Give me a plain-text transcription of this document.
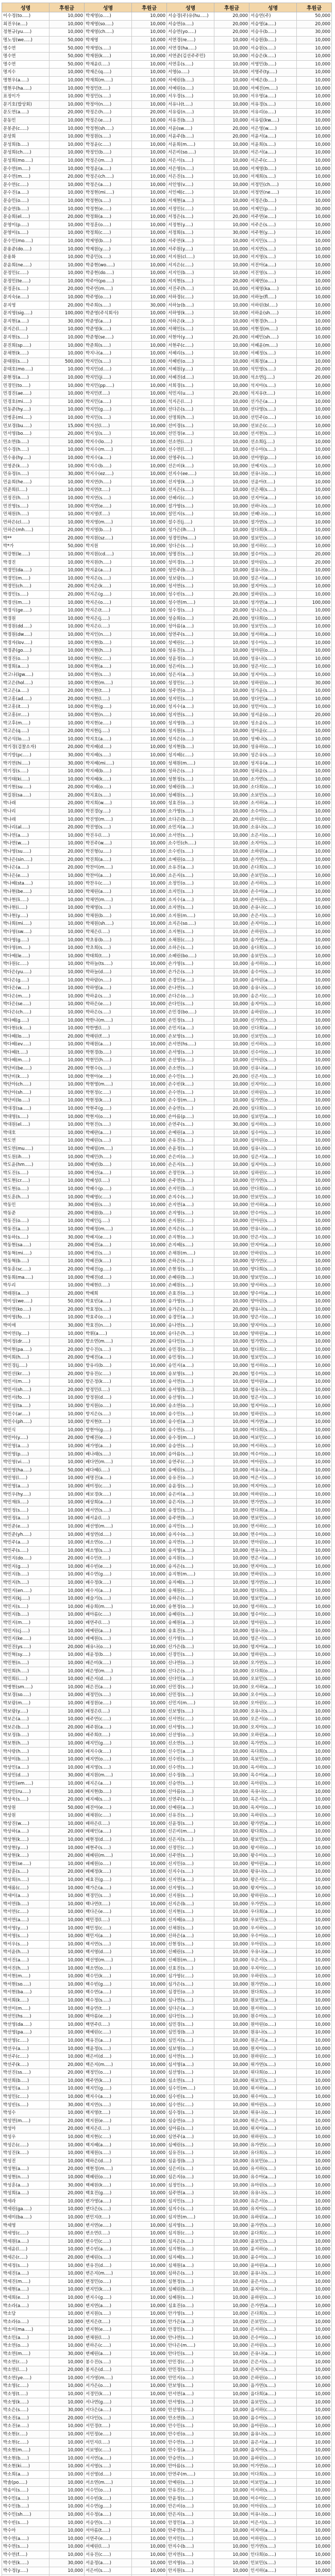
성명	후원금	성명	후원금	성명	후원금	성명	후원금
이수정(to.....)	10,000	박재영(o.....)	10,000	서승경(주)유(hu.....)	20,000	서승연(주)	50,000
최진우(e....)	10,000	박재영(so.....)	10,000	서승연(o.....)	20,000	서승영(a.....)	20,000
정현규(yu.....)	10,000	박재영(ch.....)	10,000	서승연(yo.....)	20,000	서승우(b.....)	30,000
명노성(we.....)	50,000	박재영	10,000	서연경(re.....)	10,000	서승원(b.....)	10,000
명수연	50,000	박재영(s.....)	10,000	서연경(ha.....)	10,000	서승원(s.....)	10,000
명수연	50,000	박재원(k.....)	10,000	서연준(김선주주민)	10,000	서승은(k.....)	10,000
명수연	50,000	박재윤(l.....)	10,000	서연홍(s.....)	10,000	서영민(b.....)	10,000
명지수	10,000	박재은(q.....)	10,000	서영(o.....)	10,000	서영주(ty.....)	10,000
명현우(a.....)	10,000	박재희(m.....)	10,000	서예린(b.....)	10,000	서예은(b.....)	10,000
명현우(ha.....)	10,000	박정민(t.....)	10,000	서예린(o.....)	10,000	서예진(m.....)	10,000
표정이가	10,000	박정민(s.....)	10,000	서우경(s.....)	10,000	서우영(a.....)	10,000
문기호(밥상회)	10,000	박정아(n.....)	10,000	서유나(t.....)	10,000	서유경(s.....)	10,000
문도연(a.....)	20,000	박정은(h.....)	20,000	서유림(n.....)	10,000	서유리(o.....)	10,000
문동민	10,000	박정은(e.....)	10,000	서유진(b.....)	10,000	서유림(kw.....)	10,000
문봉준(c.....)	10,000	박정현(sh.....)	10,000	서윤(sw.....)	20,000	서은영(w.....)	10,000
문상희	10,000	박정원(s.....)	10,000	서윤주(b.....)	20,000	서윤서(a.....)	10,000
문성희(b.....)	10,000	박정윤(c.....)	10,000	서윤희(m.....)	10,000	서윤희(s.....)	10,000
문성희(ch.....)	10,000	박정인(b.....)	10,000	서은비(so.....)	10,000	서은서(a.....)	10,000
문성희(mo.....)	10,000	박정은(m.....)	10,000	서은서(s.....)	10,000	서은주(c.....)	10,000
문수연(m.....)	10,000	박정윤(a.....)	10,000	서은영(n.....)	10,000	서재영(b.....)	10,000
문수연(m.....)	20,000	박정은(ch.....)	10,000	서은진(s.....)	10,000	서재희(s.....)	10,000
문수연(c.....)	10,000	박정은(a.....)	10,000	서인영(v.....)	10,000	서정민(ch.....)	10,000
문수진(a.....)	10,000	박정현(mi.....)	10,000	서인혜(c.....)	10,000	서정연(ne.....)	10,000
문승민(o.....)	10,000	박정현(s.....)	10,000	서재현(a.....)	10,000	서정은(b.....)	10,000
문승연(b.....)	10,000	박정현(e.....)	10,000	서정민(c.....)	10,000	서제민(p.....)	30,000
문승희(el.....)	20,000	박정화(a.....)	10,000	서정은(s.....)	20,000	서주연(e.....)	10,000
문영미(p.....)	10,000	박정훈(o.....)	10,000	서정현(y.....)	10,000	서주은(s.....)	10,000
문영미(s.....)	10,000	박정희(c.....)	10,000	서정희(s.....)	30,000	서주현(y.....)	10,000
문수민(mo.....)	10,000	박제영(b.....)	10,000	서주연(k.....)	10,000	서지민(s.....)	10,000
문용준(do.....)	10,000	박제원(y.....)	10,000	서주원(y.....)	10,000	서지연(s.....)	10,000
문용화	10,000	박종민(s.....)	10,000	서지원(cl.....)	10,000	서지영(s.....)	10,000
문윤희(ne.....)	10,000	박종현(wo.....)	10,000	서지은(c.....)	10,000	서진아(a.....)	10,000
문정민(c.....)	10,000	박종현(do.....)	10,000	서지인(b.....)	10,000	서진영(s.....)	10,000
문정민(te.....)	10,000	박주아(po.....)	10,000	서지현(s.....)	20,000	서채연(o.....)	10,000
문정훈(s.....)	20,000	박주연(m.....)	10,000	서진주(h.....)	10,000	서채영(ka.....)	10,000
문지숙(e.....)	10,000	박주영(o.....)	10,000	서하경(c.....)	10,000	서하늘(fl.....)	10,000
문지영	20,000	박주희(s.....)	30,000	서하늘(b.....)	10,000	서하린(bl.....)	10,000
문지영(sig.....)	100,000	박준영(주식회사)	10,000	서하영(k.....)	10,000	서하윤(sh.....)	10,000
문지현(a.....)	30,000	박준영(a.....)	10,000	서하은(k.....)	10,000	서현경(h.....)	10,000
문지은(l.....)	10,000	박준영(k.....)	10,000	서해인(s.....)	10,000	서현정(m.....)	10,000
문지현(s.....)	10,000	박준형(se.....)	10,000	서현아(y.....)	20,000	서혜민(sh.....)	10,000
문진희(sp.....)	10,000	박준희(s.....)	10,000	서현주(c.....)	10,000	서혜윤(m.....)	10,000
문채현(k.....)	10,000	박지나(a.....)	10,000	서혜리(s.....)	10,000	서혜정(s.....)	10,000
문태원(s.....)	500,000	박지민(s.....)	10,000	서혜빈(o.....)	10,000	서희정(a.....)	10,000
문태호(mo.....)	10,000	박지민(d.....)	10,000	서혜원(y.....)	10,000	석민영(s.....)	20,000
문현정(a.....)	10,000	박지민(ji.....)	10,000	서혜진(d.....)	10,000	석소연(j.....)	20,000
민경민(to.....)	10,000	박지민(pp.....)	10,000	서희경(s.....)	10,000	석지아(s.....)	10,000
민경진(ae.....)	10,000	박지민(f.....)	10,000	석민지(u.....)	20,000	석지유(t.....)	10,000
민경호(mi.....)	10,000	박지민(a.....)	10,000	석지은(l.....)	10,000	선가은(a.....)	10,000
민동준(hy.....)	10,000	박지민(g.....)	10,000	선다은(s.....)	10,000	선다영(s.....)	10,000
민병훈(mi.....)	10,000	박지민(s.....)	10,000	선명희(h.....)	10,000	선민주(o.....)	10,000
민보경(bu.....)	15,000	박지선(l.....)	10,000	선미경(s.....)	10,000	선보은(c.....)	10,000
민서영(bo.....)	20,000	박지성(s.....)	10,000	선민정(e.....)	10,000	선서현(s.....)	10,000
민소연(b.....)	10,000	박지수(lo.....)	10,000	선소연(i.....)	10,000	선소희(j.....)	10,000
민수경(h.....)	10,000	박지수(m.....)	10,000	선수연(l.....)	10,000	선수아(s.....)	10,000
민수용(hy.....)	10,000	박지수(a.....)	10,000	선영주(s.....)	10,000	선아영(p.....)	10,000
민영준(k.....)	10,000	박지수(b.....)	10,000	선은비(k.....)	10,000	선예지(s.....)	10,000
민유정(n.....)	30,000	박지수(ez.....)	10,000	선지수(ee.....)	10,000	선유나(o.....)	10,000
민윤희(he.....)	10,000	박지연(h.....)	10,000	선지영(k.....)	10,000	선윤아(t.....)	10,000
민준희(l.....)	10,000	박지연(t.....)	10,000	선지은(s.....)	10,000	선은채(s.....)	10,000
민정진(h.....)	10,000	박지연(s.....)	10,000	선혜리(c.....)	10,000	선지아(a.....)	10,000
민진영(s.....)	10,000	박지연(e.....)	10,000	설가영(s.....)	10,000	선하나(s.....)	10,000
민채원(h.....)	10,000	박지영(f.....)	10,000	설민지(s.....)	10,000	선혜나(o.....)	10,000
민하은(cl.....)	10,000	박지영(m.....)	10,000	설수진(j.....)	10,000	설가연(s.....)	10,000
민하은(mh.....)	20,000	박지영(b.....)	10,000	성가은(lh.....)	10,000	설다희(k.....)	10,000
박**	20,000	박지원(sz.....)	10,000	성경민(hs.....)	10,000	설보민(s.....)	10,000
박*가	50,000	박지원	10,000	성다은(s.....)	10,000	설서하(c.....)	10,000
박강현(le.....)	10,000	박지원(cd.....)	10,000	성명진(s.....)	10,000	설수아(s.....)	20,000
박경진	10,000	박지원(h.....)	10,000	성미경(s.....)	10,000	설아린(s.....)	20,000
박경민(da.....)	10,000	박지윤(a.....)	10,000	성민주(b.....)	10,000	설유나(o.....)	10,000
박경민(m.....)	10,000	박지은(s.....)	10,000	성보람(s.....)	10,000	설은서(a.....)	10,000
박경민(ch.....)	20,000	박지은(k.....)	10,000	성서연(s.....)	10,000	설지아(s.....)	10,000
박경민(s.....)	20,000	박지은(g.....)	10,000	성수빈(s.....)	20,000	설하린(s.....)	10,000
박경선(m.....)	10,000	박지은(o.....)	10,000	성수연(m.....)	10,000	성가연(a.....)	100,000
박경식(ge.....)	10,000	박지은(t.....)	10,000	성수정(s.....)	20,000	성나은(s.....)	10,000
박경원	10,000	박지은(j.....)	10,000	성승희(o.....)	20,000	성다희(o.....)	10,000
박경원(dd.....)	10,000	박지은(i.....)	10,000	성아름(a.....)	10,000	성보민(s.....)	10,000
박경원(dw.....)	10,000	박지인(n.....)	10,000	성연주(s.....)	10,000	성서하(a.....)	10,000
박경자(lov.....)	10,000	박지현(b.....)	10,000	성예린(c.....)	10,000	성수아(s.....)	10,000
박경준(go.....)	10,000	박지현(h.....)	10,000	성유진(s.....)	10,000	성아린(o.....)	10,000
박경진(o.....)	10,000	박지현(c.....)	10,000	성윤정(o.....)	10,000	성유나(s.....)	10,000
박경희(a.....)	10,000	박지현(a.....)	10,000	성은비(s.....)	10,000	성은서(c.....)	10,000
박고나(lgw.....)	10,000	박지현(s.....)	10,000	성은지(a.....)	10,000	성지아(s.....)	10,000
박고은(hol.....)	10,000	박지현(m.....)	10,000	성정민(c.....)	10,000	성하린(o.....)	30,000
박고은(a.....)	20,000	박지현(t.....)	10,000	성주연(o.....)	10,000	성가윤(s.....)	10,000
박고흥(ad.....)	20,000	박지현(l.....)	10,000	성지민(s.....)	10,000	성다인(a.....)	10,000
박고흥(it.....)	10,000	박지현(g.....)	10,000	성지수(a.....)	10,000	성민아(s.....)	10,000
박고흥(rr.....)	10,000	박지현(n.....)	10,000	성지연(s.....)	10,000	성서윤(o.....)	20,000
박고후(m.....)	10,000	박지현(e.....)	10,000	성지영(b.....)	10,000	성소윤(s.....)	10,000
박고은(q.....)	20,000	박지현(j.....)	10,000	성지원(s.....)	10,000	성아윤(c.....)	10,000
박곤석(lo.....)	10,000	박지호(a.....)	10,000	성지은(o.....)	10,000	성예나(s.....)	10,000
박기경(검찰소자)	20,000	박지혜(d.....)	10,000	성지현(b.....)	10,000	성유하(o.....)	10,000
박기방(pc.....)	30,000	박지혜(s.....)	10,000	성지혜(c.....)	10,000	성은유(s.....)	10,000
박기연(hi.....)	30,000	박지혜(mi.....)	10,000	성채원(m.....)	10,000	성지유(a.....)	10,000
박기정(s.....)	10,000	박지혜(b.....)	10,000	성하은(s.....)	10,000	성하윤(s.....)	10,000
박기태(ki.....)	10,000	박지혜(k.....)	10,000	성현정(s.....)	10,000	소가연(s.....)	10,000
박기현(su.....)	20,000	박지혜(o.....)	10,000	성혜린(b.....)	10,000	소다희(o.....)	10,000
박길원(sa.....)	20,000	박지효(s.....)	10,000	성혜원(s.....)	10,000	소보민(s.....)	10,000
박나래	20,000	박지희(w.....)	10,000	성효진(o.....)	10,000	소서하(a.....)	10,000
박나리	10,000	박진경(y.....)	10,000	소가영(s.....)	10,000	소수아(s.....)	10,000
박나래	10,000	박진영(m.....)	10,000	소다은(b.....)	20,000	소아린(c.....)	10,000
박나리(al.....)	20,000	박진영(s.....)	10,000	소민지(a.....)	10,000	소유나(s.....)	10,000
박나연(a.....)	10,000	박진우(l.....)	10,000	소서연(s.....)	10,000	소은서(o.....)	10,000
박나연(w.....)	10,000	박진주(w.....)	10,000	소수민(ch.....)	10,000	소지아(s.....)	10,000
박나영(su.....)	20,000	박진형(u.....)	10,000	소수빈(s.....)	10,000	소하린(a.....)	10,000
박나은(sin.....)	20,000	박진희(a.....)	10,000	소예린(o.....)	10,000	손가연(s.....)	10,000
박나은(a.....)	20,000	박찬미(m.....)	10,000	소유진(a.....)	10,000	손다희(s.....)	10,000
박나은(e.....)	10,000	박찬미(a.....)	10,000	소은지(s.....)	10,000	손보민(o.....)	10,000
박나혜(sta.....)	10,000	박찬우(c.....)	10,000	소정민(o.....)	10,000	손서하(s.....)	10,000
박나현(be.....)	10,000	박채린(a.....)	10,000	소지민(s.....)	10,000	손수아(a.....)	10,000
박나현(li.....)	10,000	박채연(m.....)	10,000	소지수(a.....)	10,000	손아린(s.....)	10,000
박나현(i.....)	10,000	박채영(s.....)	10,000	소지연(s.....)	10,000	손유나(c.....)	10,000
박나현(y.....)	10,000	박채원(b.....)	10,000	소지원(m.....)	10,000	손은서(s.....)	10,000
박나희(mi.....)	10,000	박채원(sh.....)	10,000	소지은(so.....)	10,000	손지아(o.....)	10,000
박다영(sw.....)	10,000	박채은(l.....)	10,000	소지현(s.....)	10,000	손하린(s.....)	10,000
박다영(g.....)	10,000	박초롱(b.....)	10,000	소채원(c.....)	10,000	송가연(a.....)	10,000
박다영(m.....)	10,000	박초희(s.....)	10,000	소하은(s.....)	10,000	송다희(s.....)	10,000
박다예(le.....)	10,000	박태희(t.....)	10,000	소혜린(bo.....)	10,000	송보민(s.....)	10,000
박다원(c.....)	10,000	박하늘(ts.....)	10,000	손가영(s.....)	10,000	송서하(o.....)	10,000
박다은(yu.....)	10,000	박하늘(d.....)	10,000	손가은(s.....)	10,000	송수아(s.....)	10,000
박다은(g.....)	10,000	박하람(n.....)	10,000	손경민(e.....)	10,000	송아린(a.....)	10,000
박다은(w.....)	10,000	박하영(a.....)	10,000	손나연(s.....)	10,000	송유나(s.....)	10,000
박다은(m.....)	10,000	박하윤(s.....)	10,000	손다은(o.....)	10,000	송은서(c.....)	10,000
박다은(se.....)	10,000	박하은(e.....)	10,000	손다인(s.....)	10,000	송지아(s.....)	10,000
박다은(ch.....)	10,000	박하은(s.....)	10,000	손민경(bo.....)	10,000	송하린(o.....)	10,000
박다혜(g.....)	10,000	박한나(m.....)	10,000	손민정(s.....)	10,000	신가연(s.....)	10,000
박다현(ck.....)	10,000	박한별(l.....)	10,000	손민지(a.....)	10,000	신다희(a.....)	10,000
박다혜(lo.....)	20,000	박해린(f.....)	10,000	손보영(s.....)	10,000	신보민(s.....)	10,000
박다혜(ev.....)	10,000	박해원(a.....)	10,000	손서연(hs.....)	10,000	신서하(s.....)	10,000
박다혜(t.....)	10,000	박현경(b.....)	10,000	손서영(s.....)	10,000	신수아(o.....)	10,000
박다혜(m.....)	10,000	박현민(h.....)	10,000	손선영(o.....)	10,000	신아린(s.....)	10,000
박단비(be.....)	20,000	박현수(s.....)	10,000	손소연(s.....)	10,000	신유나(a.....)	10,000
박단비(k.....)	10,000	박현아(e.....)	10,000	손수민(s.....)	20,000	신은서(s.....)	10,000
박단아(ch.....)	10,000	박현영(m.....)	10,000	손수빈(k.....)	10,000	신지아(c.....)	10,000
박단아(sh.....)	10,000	박현정(c.....)	10,000	손수연(s.....)	10,000	신하린(s.....)	10,000
박단비(lo.....)	10,000	박현정(k.....)	10,000	손수정(m.....)	10,000	심가연(o.....)	10,000
박대경(sa.....)	10,000	박현주(g.....)	10,000	손승연(s.....)	20,000	심다희(s.....)	10,000
박대영(s.....)	10,000	박현지(o.....)	10,000	손아름(p.....)	10,000	심보민(a.....)	10,000
박대원(el.....)	10,000	박현진(s.....)	10,000	손연주(s.....)	30,000	심서하(s.....)	10,000
박대호	10,000	박혜란(a.....)	10,000	손예린(a.....)	10,000	심수아(s.....)	10,000
박도연	10,000	박혜린(s.....)	10,000	손유진(s.....)	10,000	심아린(o.....)	10,000
박도연(mu.....)	10,000	박혜림(m.....)	10,000	손윤정(s.....)	10,000	심유나(s.....)	10,000
박도원(ih.....)	10,000	박혜민(h.....)	10,000	손은비(o.....)	10,000	심은서(a.....)	10,000
박도윤(hm.....)	10,000	박혜빈(b.....)	10,000	손은지(s.....)	10,000	심지아(s.....)	10,000
박도진(s.....)	10,000	박혜선(a.....)	10,000	손정민(k.....)	10,000	심하린(c.....)	10,000
박도현(cr.....)	10,000	박혜성(l.....)	10,000	손주연(s.....)	10,000	안가연(s.....)	10,000
박도현(o.....)	10,000	박혜수(p.....)	10,000	손지민(b.....)	10,000	안다희(o.....)	10,000
박도훈(h.....)	10,000	박혜영(c.....)	10,000	손지수(s.....)	10,000	안보민(s.....)	10,000
박동민	30,000	박혜원(s.....)	10,000	손지연(a.....)	10,000	안서하(a.....)	10,000
박동준	20,000	박혜원(b.....)	10,000	손지영(s.....)	10,000	안수아(s.....)	10,000
박동진(o.....)	10,000	박혜인(j.....)	10,000	손지원(c.....)	10,000	안아린(s.....)	10,000
박동진(a.....)	10,000	박혜정(m.....)	10,000	손지은(s.....)	10,000	안유나(o.....)	10,000
박동하(s.....)	30,000	박혜지(e.....)	10,000	손지현(o.....)	10,000	안은서(s.....)	10,000
박동현(sa.....)	20,000	박혜진(a.....)	10,000	손지혜(s.....)	10,000	안지아(a.....)	10,000
박동혁(mi.....)	10,000	박혜진(s.....)	10,000	손채원(m.....)	10,000	안하린(s.....)	10,000
박동혁(b.....)	10,000	박혜진(k.....)	10,000	손하은(s.....)	10,000	양가연(c.....)	10,000
박동훈(sc.....)	20,000	박혜진(g.....)	10,000	손현정(s.....)	10,000	양다희(s.....)	10,000
박동희(ma.....)	10,000	박혜진(d.....)	10,000	손혜린(b.....)	10,000	양보민(o.....)	10,000
박두리	10,000	박혜현(l.....)	10,000	손혜원(s.....)	10,000	양서하(s.....)	10,000
박래원(a.....)	20,000	박혜희	10,000	손효진(o.....)	10,000	양수아(a.....)	10,000
박미성(we.....)	50,000	박효빈(a.....)	10,000	송가영(s.....)	10,000	양아린(s.....)	10,000
박미연(ko.....)	20,000	박효정(s.....)	10,000	송가은(s.....)	20,000	양유나(s.....)	10,000
박미영(fo.....)	10,000	박효주(o.....)	10,000	송경민(a.....)	10,000	양은서(o.....)	10,000
박미애	30,000	박효진(n.....)	10,000	송나연(s.....)	10,000	양지아(s.....)	10,000
박미연(ly.....)	10,000	박휘(a.....)	10,000	송다은(h.....)	10,000	양하린(a.....)	10,000
박미정(dr.....)	10,000	방소연(m.....)	20,000	송다인(s.....)	10,000	엄가연(s.....)	10,000
박미현(pa.....)	20,000	방수진(s.....)	10,000	송민경(o.....)	10,000	엄다희(c.....)	10,000
박미희(h.....)	20,000	방예진(a.....)	10,000	송민정(s.....)	10,000	엄보민(s.....)	10,000
박민경(j.....)	10,000	방유리(b.....)	10,000	송민지(a.....)	10,000	엄서하(o.....)	10,000
박민선(kr.....)	20,000	방유진(c.....)	10,000	송보영(s.....)	20,000	엄수아(s.....)	10,000
박민서(m.....)	10,000	방은정(k.....)	10,000	송서연(s.....)	10,000	엄아린(a.....)	10,000
박민서(sh.....)	20,000	방정민(l.....)	10,000	송서영(b.....)	10,000	엄유나(s.....)	10,000
박민서(fo.....)	10,000	방정원(d.....)	10,000	송선영(s.....)	10,000	엄은서(s.....)	10,000
박민성(ta.....)	10,000	방지원(o.....)	10,000	송소연(o.....)	10,000	엄지아(o.....)	10,000
박민수(ar.....)	10,000	방지은(s.....)	10,000	송수민(s.....)	10,000	엄하린(s.....)	10,000
박민수(ph.....)	10,000	방지현(t.....)	10,000	송수빈(a.....)	10,000	여가연(a.....)	10,000
박민식	10,000	방현아(g.....)	10,000	송수연(s.....)	10,000	여다희(s.....)	10,000
박민아(y.....)	20,000	방혜진(e.....)	10,000	송수정(m.....)	10,000	여보민(c.....)	10,000
박민영(a.....)	10,000	배가영(a.....)	10,000	송승연(s.....)	10,000	여서하(s.....)	10,000
박민영(p.....)	10,000	배나래(s.....)	10,000	송아름(s.....)	10,000	여수아(o.....)	10,000
박민영(vi.....)	10,000	배다연(m.....)	10,000	송연주(c.....)	10,000	여아린(s.....)	10,000
박민영(ha.....)	50,000	배다혜(i.....)	10,000	송예린(s.....)	10,000	여유나(a.....)	10,000
박민영(l.....)	10,000	배명진(a.....)	10,000	송유진(o.....)	10,000	여은서(s.....)	10,000
박민영(a.....)	10,000	배미정(c.....)	10,000	송윤정(s.....)	10,000	여지아(s.....)	10,000
박민우(hy.....)	10,000	배보경(k.....)	10,000	송은비(a.....)	10,000	여하린(o.....)	10,000
박민재(li.....)	10,000	배상희(a.....)	10,000	송은지(s.....)	10,000	연가연(s.....)	10,000
박민정(s.....)	10,000	배서연(s.....)	10,000	송정민(s.....)	10,000	연다희(a.....)	10,000
박민정(a.....)	10,000	배서윤(l.....)	10,000	송주연(b.....)	10,000	연보민(s.....)	10,000
박민준(e.....)	10,000	배선영(m.....)	10,000	송지민(s.....)	10,000	연서하(c.....)	10,000
박민준(yh.....)	10,000	배성연(d.....)	10,000	송지수(o.....)	10,000	연수아(s.....)	10,000
박민주(a.....)	10,000	배소연(o.....)	10,000	송지연(s.....)	10,000	연아린(o.....)	10,000
박민주(s.....)	10,000	배소영(s.....)	10,000	송지영(a.....)	10,000	연유나(s.....)	10,000
박민지(do.....)	20,000	배수민(t.....)	10,000	송지원(s.....)	10,000	연은서(a.....)	10,000
박민지(g.....)	10,000	배수빈(e.....)	10,000	송지은(s.....)	10,000	연지아(s.....)	10,000
박민지(b.....)	10,000	배수연(g.....)	10,000	송지현(m.....)	10,000	연하린(s.....)	10,000
박민지(h.....)	10,000	배수정(k.....)	10,000	송지혜(s.....)	10,000	염가연(o.....)	10,000
박민지(en.....)	10,000	배수지(a.....)	10,000	송채원(c.....)	10,000	염다희(s.....)	10,000
박민지(kj.....)	10,000	배슬기(s.....)	10,000	송하은(s.....)	10,000	염보민(a.....)	10,000
박민지(s.....)	10,000	배승희(m.....)	10,000	송현정(o.....)	10,000	염서하(s.....)	10,000
박민지(b.....)	10,000	배아름(c.....)	10,000	송혜린(s.....)	10,000	염수아(c.....)	10,000
박민지(m.....)	10,000	배연주(l.....)	10,000	송혜원(a.....)	10,000	염아린(s.....)	10,000
박민지(cj.....)	10,000	배예린(a.....)	10,000	송효진(s.....)	10,000	염유나(o.....)	10,000
박민지(ke.....)	10,000	배예원(s.....)	10,000	신가영(s.....)	10,000	염은서(s.....)	10,000
박민진(ys.....)	20,000	배유나(o.....)	10,000	신가은(b.....)	10,000	염지아(a.....)	10,000
박민혁(sy.....)	10,000	배윤정(b.....)	10,000	신경민(s.....)	10,000	염하린(s.....)	10,000
박민현(n.....)	10,000	배은비(k.....)	10,000	신나연(o.....)	10,000	오가연(s.....)	10,000
박민희(h.....)	10,000	배은영(m.....)	10,000	신다은(s.....)	10,000	오다희(o.....)	10,000
박민희(i.....)	10,000	배은지(d.....)	10,000	신다인(a.....)	10,000	오보민(s.....)	10,000
박병현(sm.....)	10,000	배은진(a.....)	10,000	신민경(s.....)	10,000	오서하(a.....)	10,000
박보경(so.....)	10,000	배정민(s.....)	10,000	신민정(s.....)	10,000	오수아(s.....)	10,000
박보람(m.....)	10,000	배정원(e.....)	10,000	신민지(m.....)	10,000	오아린(c.....)	10,000
박보람(y.....)	10,000	배정은(l.....)	10,000	신보영(s.....)	10,000	오유나(s.....)	10,000
박보은(a.....)	10,000	배주연(c.....)	10,000	신서연(c.....)	10,000	오은서(o.....)	10,000
박보은(b.....)	20,000	배주원(a.....)	10,000	신서영(s.....)	10,000	오지아(s.....)	10,000
박보정(b.....)	10,000	배주희(t.....)	10,000	신선영(o.....)	10,000	오하린(a.....)	10,000
박보현(h.....)	10,000	배지민(g.....)	10,000	신소연(s.....)	10,000	옥가연(s.....)	10,000
박사랑(h.....)	10,000	배지수(k.....)	10,000	신수민(a.....)	10,000	옥다희(s.....)	10,000
박상미(b.....)	10,000	배지연(o.....)	10,000	신수빈(s.....)	10,000	옥보민(o.....)	10,000
박상민(a.....)	10,000	배지영(s.....)	10,000	신수연(s.....)	10,000	옥서하(s.....)	10,000
박상민(d.....)	30,000	배지원(m.....)	10,000	신수정(b.....)	10,000	옥수아(a.....)	10,000
박상민(em.....)	10,000	배지은(a.....)	10,000	신승연(s.....)	10,000	옥아린(s.....)	10,000
박상민(ru.....)	10,000	배지현(b.....)	10,000	신아름(o.....)	10,000	옥유나(c.....)	10,000
박상욱(s.....)	20,000	배지혜(s.....)	10,000	신연주(s.....)	10,000	옥은서(s.....)	10,000
박상원	50,000	배진아(e.....)	10,000	신예린(a.....)	10,000	옥지아(o.....)	10,000
박상원	10,000	배채원(c.....)	10,000	신유진(s.....)	10,000	옥하린(s.....)	10,000
박상진(w.....)	10,000	배하은(l.....)	10,000	신윤정(s.....)	10,000	왕가연(a.....)	10,000
박상하(a.....)	20,000	배해인(a.....)	10,000	신은비(m.....)	10,000	왕다희(s.....)	10,000
박상현(k.....)	10,000	배현정(d.....)	10,000	신은지(s.....)	10,000	왕보민(s.....)	10,000
박상현(y.....)	10,000	배현주(s.....)	10,000	신정민(c.....)	10,000	왕서하(o.....)	10,000
박상현(k.....)	20,000	배혜린(m.....)	10,000	신주연(s.....)	10,000	왕수아(s.....)	10,000
박상현(se.....)	10,000	배혜원(o.....)	10,000	신지민(o.....)	10,000	왕아린(a.....)	10,000
박상훈(s.....)	20,000	배혜정(k.....)	10,000	신지수(s.....)	10,000	왕유나(s.....)	10,000
박상희(n.....)	10,000	배효진(g.....)	10,000	신지연(a.....)	10,000	왕은서(c.....)	10,000
박새롬(c.....)	10,000	백가은(a.....)	10,000	신지영(s.....)	10,000	왕지아(s.....)	10,000
박새미(a.....)	10,000	백경민(s.....)	10,000	신지원(s.....)	10,000	왕하린(o.....)	10,000
박서연(b.....)	10,000	백나연(t.....)	10,000	신지은(b.....)	10,000	우가연(s.....)	10,000
박서연(c.....)	10,000	백다은(e.....)	10,000	신지현(s.....)	10,000	우다희(a.....)	10,000
박서연(a.....)	10,000	백민경(l.....)	10,000	신지혜(o.....)	10,000	우보민(s.....)	10,000
박서영(y.....)	10,000	백민정(c.....)	10,000	신채원(s.....)	10,000	우서하(s.....)	10,000
박서영(s.....)	10,000	백민지(a.....)	10,000	신하은(a.....)	10,000	우수아(o.....)	10,000
박서우(s.....)	10,000	백서연(s.....)	10,000	신현정(s.....)	10,000	우아린(s.....)	10,000
박서윤(h.....)	10,000	백서영(d.....)	10,000	신혜린(s.....)	10,000	우유나(a.....)	10,000
박서진(a.....)	10,000	백선영(m.....)	10,000	신혜원(m.....)	10,000	우은서(s.....)	10,000
박서진(h.....)	10,000	백소연(o.....)	10,000	신효진(s.....)	10,000	우지아(c.....)	10,000
박서현(m.....)	10,000	백수민(k.....)	10,000	심가영(c.....)	10,000	우하린(s.....)	10,000
박서현(so.....)	10,000	백수빈(g.....)	10,000	심가은(s.....)	10,000	원가연(o.....)	10,000
박서현(ba.....)	10,000	백수연(a.....)	10,000	심경민(o.....)	10,000	원다희(s.....)	10,000
박서희(k.....)	10,000	백수정(s.....)	10,000	심나연(s.....)	10,000	원보민(a.....)	10,000
박선미(m.....)	10,000	백승연(t.....)	10,000	심다은(a.....)	10,000	원서하(s.....)	10,000
박선민(hs.....)	10,000	백아름(e.....)	10,000	심다인(s.....)	10,000	원수아(s.....)	10,000
박선영(da.....)	10,000	백연주(l.....)	10,000	심민경(s.....)	10,000	원아린(o.....)	10,000
박선영(pa.....)	10,000	백예린(c.....)	10,000	심민정(b.....)	10,000	원유나(s.....)	10,000
박선영(c.....)	10,000	백유진(a.....)	10,000	심민지(s.....)	10,000	원은서(a.....)	10,000
박선우(a.....)	10,000	백윤정(s.....)	10,000	심보영(o.....)	10,000	원지아(s.....)	10,000
박선주(c.....)	10,000	백은비(d.....)	10,000	심서연(s.....)	10,000	원하린(c.....)	10,000
박선주(k.....)	20,000	백은지(m.....)	10,000	심서영(a.....)	10,000	위가연(s.....)	10,000
박선진(ss.....)	20,000	백정민(o.....)	10,000	심선영(s.....)	10,000	위다희(o.....)	10,000
박선희(b.....)	10,000	백주연(k.....)	10,000	심소연(s.....)	10,000	위보민(s.....)	10,000
박성민(a.....)	10,000	백지민(g.....)	10,000	심수민(m.....)	10,000	위서하(a.....)	10,000
박성민(c.....)	10,000	백지수(a.....)	10,000	심수빈(s.....)	10,000	위수아(s.....)	10,000
박성빈(s.....)	30,000	백지연(s.....)	10,000	심수연(c.....)	10,000	위아린(s.....)	10,000
박성수	10,000	백지영(t.....)	10,000	심수정(s.....)	10,000	위유나(o.....)	10,000
박성연(m.....)	20,000	백지원(e.....)	10,000	심승연(o.....)	10,000	위은서(s.....)	10,000
박성아	20,000	백지은(l.....)	10,000	심아름(s.....)	10,000	위지아(a.....)	10,000
박성우	10,000	백지현(c.....)	10,000	심연주(a.....)	10,000	위하린(s.....)	10,000
박성은(c.....)	10,000	백지혜(a.....)	10,000	심예린(s.....)	10,000	유가연(c.....)	10,000
박성진(k.....)	10,000	백채원(s.....)	10,000	심유진(s.....)	10,000	유다희(s.....)	10,000
박성진	10,000	백하은(d.....)	10,000	심윤정(b.....)	10,000	유보민(o.....)	10,000
박성현(a.....)	20,000	백현정(m.....)	10,000	심은비(s.....)	10,000	유서하(s.....)	10,000
박성현(n.....)	10,000	백혜린(o.....)	10,000	심은지(o.....)	10,000	유수아(a.....)	10,000
박성훈(a.....)	30,000	백혜원(k.....)	10,000	심정민(s.....)	10,000	유아린(s.....)	10,000
박성희(a.....)	20,000	백효진(g.....)	10,000	심주연(a.....)	10,000	유유나(s.....)	10,000
박세라	10,000	변가영(a.....)	10,000	심지민(s.....)	10,000	유은서(o.....)	10,000
박세린(ga.....)	10,000	변다은(s.....)	10,000	심지수(s.....)	10,000	유지아(s.....)	10,000
박세미(ba.....)	10,000	변민지(t.....)	10,000	심지연(m.....)	10,000	유하린(a.....)	10,000
박세영	10,000	변서연(e.....)	10,000	심지영(s.....)	10,000	윤가연(s.....)	10,000
박세영(c.....)	10,000	변소연(l.....)	10,000	심지원(c.....)	10,000	윤다희(c.....)	10,000
박세원(a.....)	10,000	변수민(c.....)	10,000	심지은(s.....)	10,000	윤보민(s.....)	10,000
박세윤(l.....)	10,000	변수빈(a.....)	10,000	심지현(o.....)	10,000	윤서하(o.....)	10,000
박세은(r.....)	20,000	변예린(s.....)	10,000	심지혜(s.....)	10,000	윤수아(s.....)	10,000
박세정(s.....)	10,000	변유진(d.....)	10,000	심채원(a.....)	10,000	윤아린(a.....)	10,000
박세진(a.....)	10,000	변은지(m.....)	10,000	심하은(s.....)	10,000	윤유나(s.....)	10,000
박세진(m.....)	10,000	변정민(o.....)	10,000	심현정(s.....)	10,000	윤은서(s.....)	10,000
박세현(a.....)	10,000	변지민(k.....)	10,000	심혜린(b.....)	10,000	윤지아(o.....)	10,000
박세희(e.....)	10,000	변지수(g.....)	10,000	심혜원(s.....)	10,000	윤하린(s.....)	10,000
박소라(a.....)	10,000	변지연(a.....)	10,000	심효진(o.....)	10,000	은가연(a.....)	10,000
박소담	10,000	변지원(s.....)	10,000	안가영(s.....)	10,000	은다희(s.....)	10,000
박소라(o.....)	10,000	변지은(t.....)	10,000	안가은(a.....)	10,000	은보민(c.....)	10,000
박소미(ma.....)	10,000	변지현(e.....)	10,000	안경민(s.....)	10,000	은서하(s.....)	10,000
박소민(a.....)	10,000	변채원(l.....)	10,000	안나연(s.....)	10,000	은수아(o.....)	10,000
박소연(o.....)	10,000	변하은(c.....)	10,000	안다은(m.....)	10,000	은아린(s.....)	10,000
박소연(m.....)	30,000	변혜린(a.....)	10,000	안다인(s.....)	10,000	은유나(a.....)	10,000
박소연(r.....)	10,000	봉수진(s.....)	10,000	안민경(c.....)	10,000	은은서(s.....)	10,000
박소연(l.....)	20,000	봉지은(d.....)	10,000	안민정(s.....)	10,000	은지아(s.....)	10,000
박소연(ye.....)	10,000	서가영(m.....)	10,000	안민지(o.....)	10,000	은하린(o.....)	10,000
박소영(c.....)	10,000	서가은(o.....)	10,000	안보영(s.....)	10,000	음가연(s.....)	10,000
박소영(t.....)	10,000	서경민(k.....)	10,000	안서연(a.....)	10,000	음다희(a.....)	10,000
박소영(k.....)	10,000	서나연(g.....)	10,000	안서영(s.....)	10,000	음보민(s.....)	10,000
박소은(s.....)	30,000	서다은(a.....)	10,000	안선영(s.....)	10,000	음서하(c.....)	10,000
박소진(a.....)	20,000	서다인(s.....)	10,000	안소연(b.....)	10,000	음수아(s.....)	10,000
박소진(e.....)	10,000	서민경(t.....)	10,000	안수민(s.....)	10,000	음아린(o.....)	10,000
박소현(r.....)	10,000	서민정(e.....)	10,000	안수빈(o.....)	10,000	음유나(s.....)	10,000
박소현(c.....)	10,000	서민지(l.....)	10,000	안수연(s.....)	10,000	음은서(a.....)	10,000
박소현(m.....)	10,000	서보영(c.....)	10,000	안수정(a.....)	10,000	음지아(s.....)	10,000
박소현(b.....)	10,000	서서연(a.....)	10,000	안승연(s.....)	10,000	음하린(s.....)	10,000
박소현(ki.....)	10,000	서서영(s.....)	10,000	안아름(s.....)	10,000	이가연(o.....)	10,000
박소희(a.....)	10,000	서선영(d.....)	10,000	안연주(m.....)	10,000	이다희(s.....)	10,000
박솔(po.....)	10,000	서소연(m.....)	10,000	안예린(s.....)	10,000	이보민(a.....)	10,000
박송이(s.....)	10,000	서수민(o.....)	10,000	안유진(c.....)	10,000	이서하(s.....)	10,000
박수민(a.....)	10,000	서수빈(k.....)	10,000	안윤정(s.....)	10,000	이수아(c.....)	10,000
박수민(b.....)	10,000	서수연(g.....)	10,000	안은비(o.....)	10,000	이아린(s.....)	10,000
박수민(sh.....)	10,000	서수정(a.....)	10,000	안은지(s.....)	10,000	이유나(o.....)	10,000
박수빈(s.....)	10,000	서승연(s.....)	10,000	안정민(a.....)	10,000	이은서(s.....)	10,000
박수아	10,000	서아름(t.....)	10,000	안주연(s.....)	10,000	이지아(a.....)	10,000
박수연(a.....)	10,000	서연주(e.....)	10,000	안지민(s.....)	10,000	이하린(s.....)	10,000
박수연(s.....)	10,000	서예린(l.....)	10,000	안지수(b.....)	10,000	인가연(s.....)	10,000
박수연(f.....)	10,000	서유진(c.....)	10,000	안지연(s.....)	10,000	인다희(o.....)	10,000
박수연(k.....)	30,000	서윤정(a.....)	10,000	안지영(o.....)	10,000	인보민(s.....)	10,000
박수정(y.....)	10,000	서은비(s.....)	10,000	안지원(s.....)	10,000	인서하(a.....)	10,000
